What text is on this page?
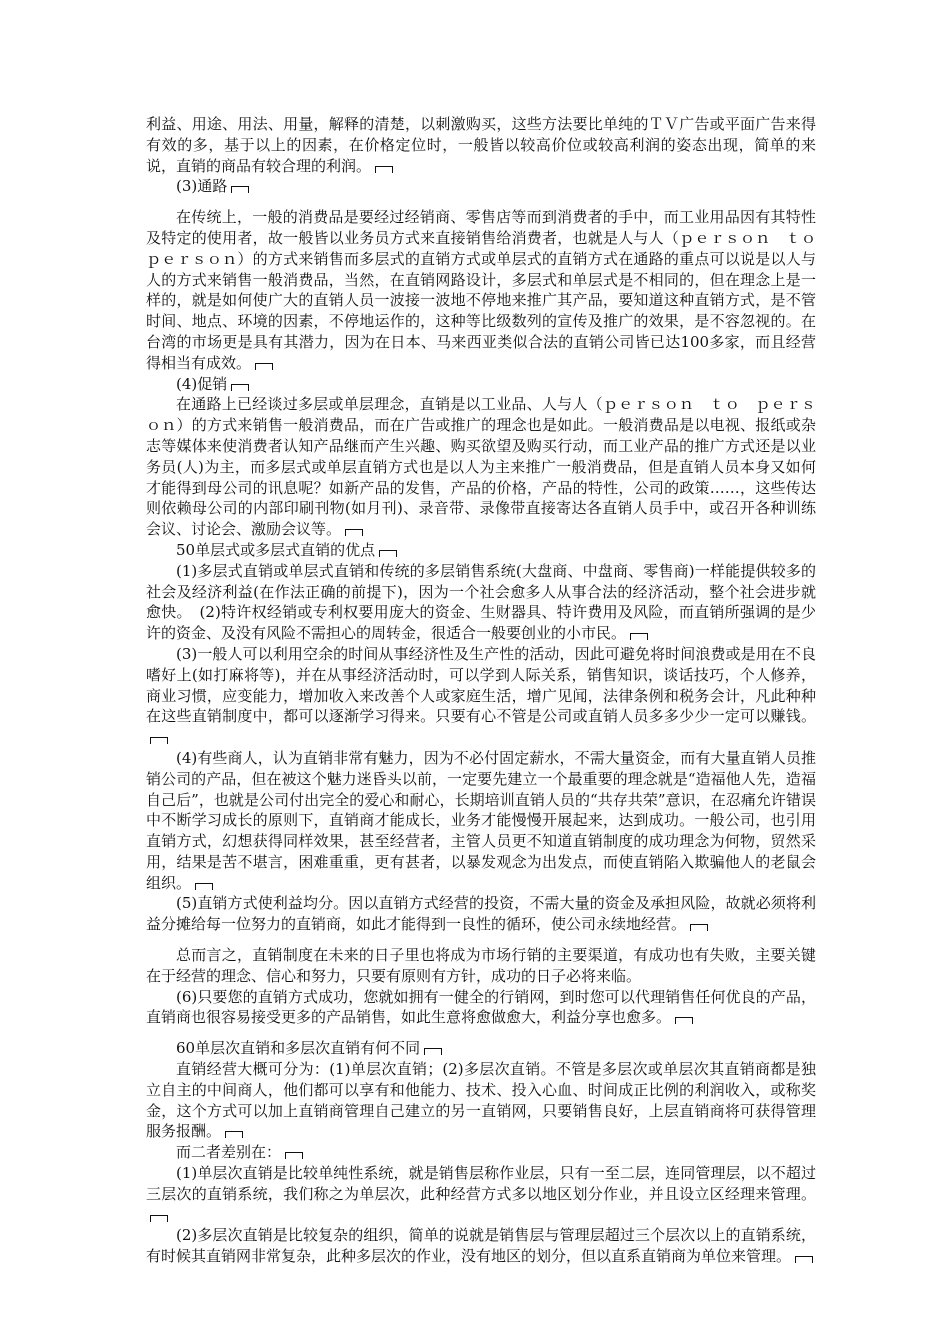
利益、用途、用法、用量，解释的清楚，以刺激购买，这些方法要比单纯的ＴＶ广告或平面广告来得有效的多，基于以上的因素，在价格定位时，一般皆以较高价位或较高利润的姿态出现，简单的来说，直销的商品有较合理的利润。

(3)通路

在传统上，一般的消费品是要经过经销商、零售店等而到消费者的手中，而工业用品因有其特性及特定的使用者，故一般皆以业务员方式来直接销售给消费者，也就是人与人（ｐｅｒｓｏｎ　ｔｏ　ｐｅｒｓｏｎ）的方式来销售而多层式的直销方式或单层式的直销方式在通路的重点可以说是以人与人的方式来销售一般消费品，当然，在直销网路设计，多层式和单层式是不相同的，但在理念上是一样的，就是如何使广大的直销人员一波接一波地不停地来推广其产品，要知道这种直销方式，是不管时间、地点、环境的因素，不停地运作的，这种等比级数列的宣传及推广的效果，是不容忽视的。在台湾的市场更是具有其潜力，因为在日本、马来西亚类似合法的直销公司皆已达100多家，而且经营得相当有成效。

(4)促销

在通路上已经谈过多层或单层理念，直销是以工业品、人与人（ｐｅｒｓｏｎ　ｔｏ　ｐｅｒｓｏｎ）的方式来销售一般消费品，而在广告或推广的理念也是如此。一般消费品是以电视、报纸或杂志等媒体来使消费者认知产品继而产生兴趣、购买欲望及购买行动，而工业产品的推广方式还是以业务员(人)为主，而多层式或单层直销方式也是以人为主来推广一般消费品，但是直销人员本身又如何才能得到母公司的讯息呢？如新产品的发售，产品的价格，产品的特性，公司的政策……，这些传达则依赖母公司的内部印刷刊物(如月刊)、录音带、录像带直接寄达各直销人员手中，或召开各种训练会议、讨论会、激励会议等。

50单层式或多层式直销的优点

(1)多层式直销或单层式直销和传统的多层销售系统(大盘商、中盘商、零售商)一样能提供较多的社会及经济利益(在作法正确的前提下)，因为一个社会愈多人从事合法的经济活动，整个社会进步就愈快。　(2)特许权经销或专利权要用庞大的资金、生财器具、特许费用及风险，而直销所强调的是少许的资金、及没有风险不需担心的周转金，很适合一般要创业的小市民。

(3)一般人可以利用空余的时间从事经济性及生产性的活动，因此可避免将时间浪费或是用在不良嗜好上(如打麻将等)，并在从事经济活动时，可以学到人际关系，销售知识，谈话技巧，个人修养，商业习惯，应变能力，增加收入来改善个人或家庭生活，增广见闻，法律条例和税务会计，凡此种种在这些直销制度中，都可以逐渐学习得来。只要有心不管是公司或直销人员多多少少一定可以赚钱。

(4)有些商人，认为直销非常有魅力，因为不必付固定薪水，不需大量资金，而有大量直销人员推销公司的产品，但在被这个魅力迷昏头以前，一定要先建立一个最重要的理念就是“造福他人先，造福自己后”，也就是公司付出完全的爱心和耐心，长期培训直销人员的“共存共荣”意识，在忍痛允许错误中不断学习成长的原则下，直销商才能成长，业务才能慢慢开展起来，达到成功。一般公司，也引用直销方式，幻想获得同样效果，甚至经营者，主管人员更不知道直销制度的成功理念为何物，贸然采用，结果是苦不堪言，困难重重，更有甚者，以暴发观念为出发点，而使直销陷入欺骗他人的老鼠会组织。

(5)直销方式使利益均分。因以直销方式经营的投资，不需大量的资金及承担风险，故就必须将利益分摊给每一位努力的直销商，如此才能得到一良性的循环，使公司永续地经营。

总而言之，直销制度在未来的日子里也将成为市场行销的主要渠道，有成功也有失败，主要关键在于经营的理念、信心和努力，只要有原则有方针，成功的日子必将来临。

(6)只要您的直销方式成功，您就如拥有一健全的行销网，到时您可以代理销售任何优良的产品，直销商也很容易接受更多的产品销售，如此生意将愈做愈大，利益分享也愈多。

60单层次直销和多层次直销有何不同

直销经营大概可分为：(1)单层次直销；(2)多层次直销。不管是多层次或单层次其直销商都是独立自主的中间商人，他们都可以享有和他能力、技术、投入心血、时间成正比例的利润收入，或称奖金，这个方式可以加上直销商管理自己建立的另一直销网，只要销售良好，上层直销商将可获得管理服务报酬。

而二者差别在：

(1)单层次直销是比较单纯性系统，就是销售层称作业层，只有一至二层，连同管理层，以不超过三层次的直销系统，我们称之为单层次，此种经营方式多以地区划分作业，并且设立区经理来管理。

(2)多层次直销是比较复杂的组织，简单的说就是销售层与管理层超过三个层次以上的直销系统，有时候其直销网非常复杂，此种多层次的作业，没有地区的划分，但以直系直销商为单位来管理。
